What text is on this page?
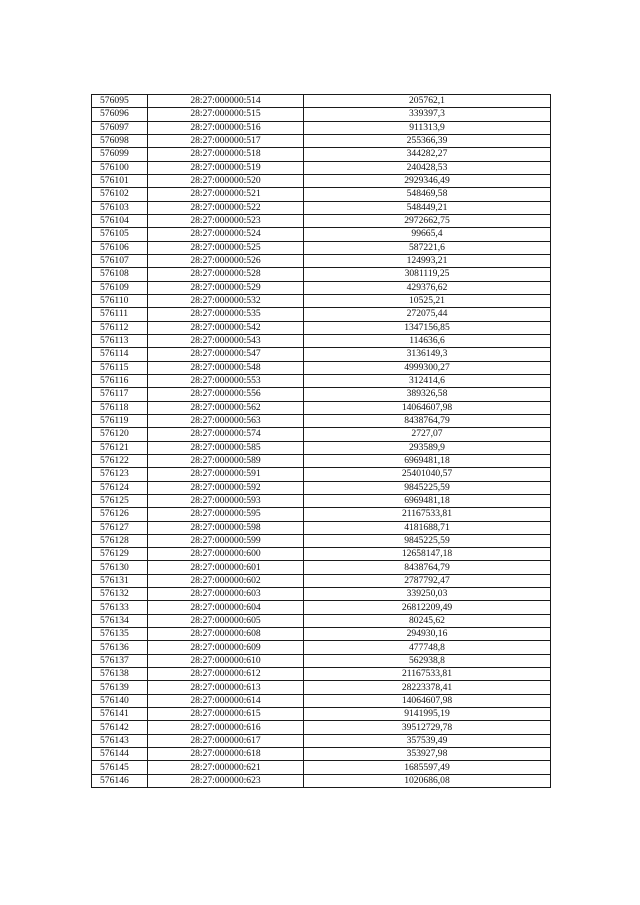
576095	28:27:000000:514	205762,1
576096	28:27:000000:515	339397,3
576097	28:27:000000:516	911313,9
576098	28:27:000000:517	255366,39
576099	28:27:000000:518	344282,27
576100	28:27:000000:519	240428,53
576101	28:27:000000:520	2929346,49
576102	28:27:000000:521	548469,58
576103	28:27:000000:522	548449,21
576104	28:27:000000:523	2972662,75
576105	28:27:000000:524	99665,4
576106	28:27:000000:525	587221,6
576107	28:27:000000:526	124993,21
576108	28:27:000000:528	3081119,25
576109	28:27:000000:529	429376,62
576110	28:27:000000:532	10525,21
576111	28:27:000000:535	272075,44
576112	28:27:000000:542	1347156,85
576113	28:27:000000:543	114636,6
576114	28:27:000000:547	3136149,3
576115	28:27:000000:548	4999300,27
576116	28:27:000000:553	312414,6
576117	28:27:000000:556	389326,58
576118	28:27:000000:562	14064607,98
576119	28:27:000000:563	8438764,79
576120	28:27:000000:574	2727,07
576121	28:27:000000:585	293589,9
576122	28:27:000000:589	6969481,18
576123	28:27:000000:591	25401040,57
576124	28:27:000000:592	9845225,59
576125	28:27:000000:593	6969481,18
576126	28:27:000000:595	21167533,81
576127	28:27:000000:598	4181688,71
576128	28:27:000000:599	9845225,59
576129	28:27:000000:600	12658147,18
576130	28:27:000000:601	8438764,79
576131	28:27:000000:602	2787792,47
576132	28:27:000000:603	339250,03
576133	28:27:000000:604	26812209,49
576134	28:27:000000:605	80245,62
576135	28:27:000000:608	294930,16
576136	28:27:000000:609	477748,8
576137	28:27:000000:610	562938,8
576138	28:27:000000:612	21167533,81
576139	28:27:000000:613	28223378,41
576140	28:27:000000:614	14064607,98
576141	28:27:000000:615	9141995,19
576142	28:27:000000:616	39512729,78
576143	28:27:000000:617	357539,49
576144	28:27:000000:618	353927,98
576145	28:27:000000:621	1685597,49
576146	28:27:000000:623	1020686,08
